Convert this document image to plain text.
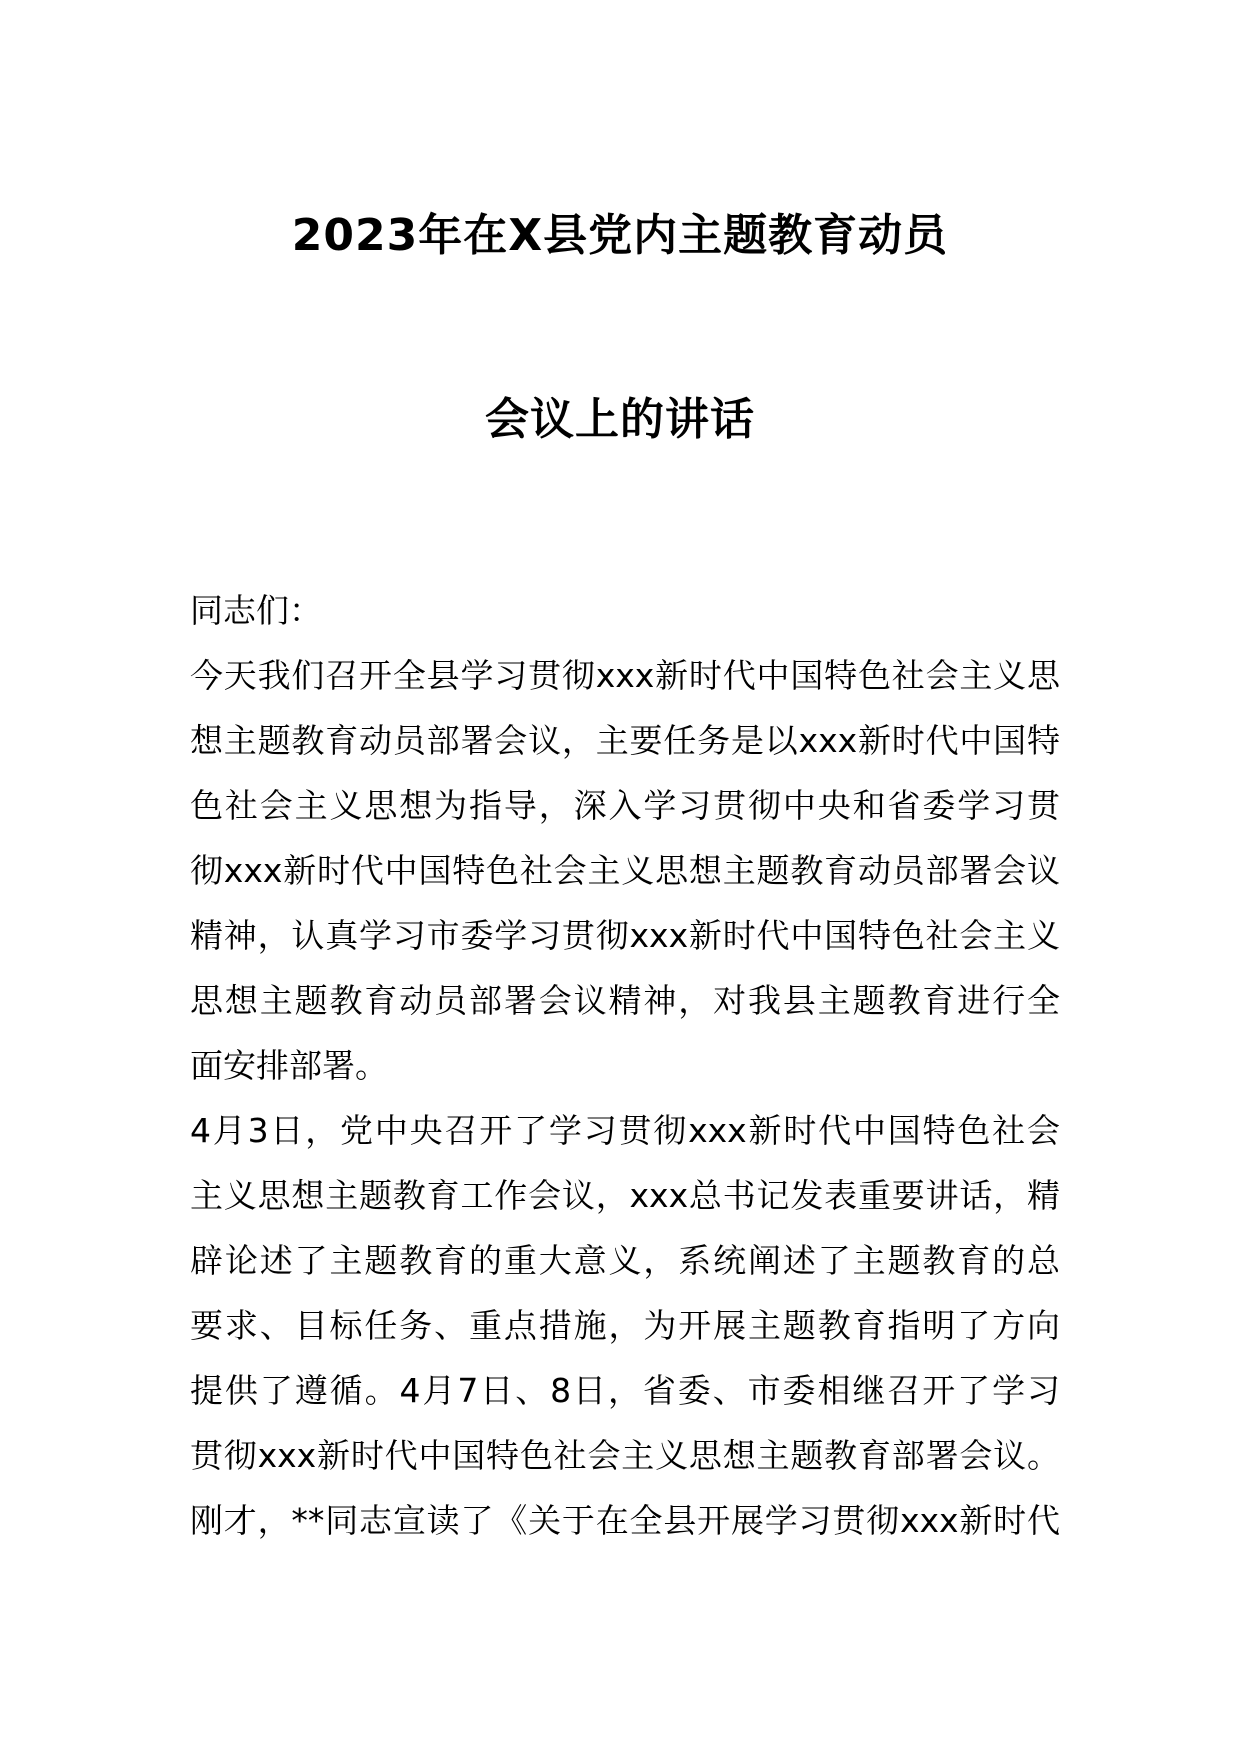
2023年在X县党内主题教育动员
会议上的讲话
同志们：
今天我们召开全县学习贯彻xxx新时代中国特色社会主义思
想主题教育动员部署会议，主要任务是以xxx新时代中国特
色社会主义思想为指导，深入学习贯彻中央和省委学习贯
彻xxx新时代中国特色社会主义思想主题教育动员部署会议
精神，认真学习市委学习贯彻xxx新时代中国特色社会主义
思想主题教育动员部署会议精神，对我县主题教育进行全
面安排部署。
4月3日，党中央召开了学习贯彻xxx新时代中国特色社会
主义思想主题教育工作会议，xxx总书记发表重要讲话，精
辟论述了主题教育的重大意义，系统阐述了主题教育的总
要求、目标任务、重点措施，为开展主题教育指明了方向
提供了遵循。4月7日、8日，省委、市委相继召开了学习
贯彻xxx新时代中国特色社会主义思想主题教育部署会议。
刚才，**同志宣读了《关于在全县开展学习贯彻xxx新时代
